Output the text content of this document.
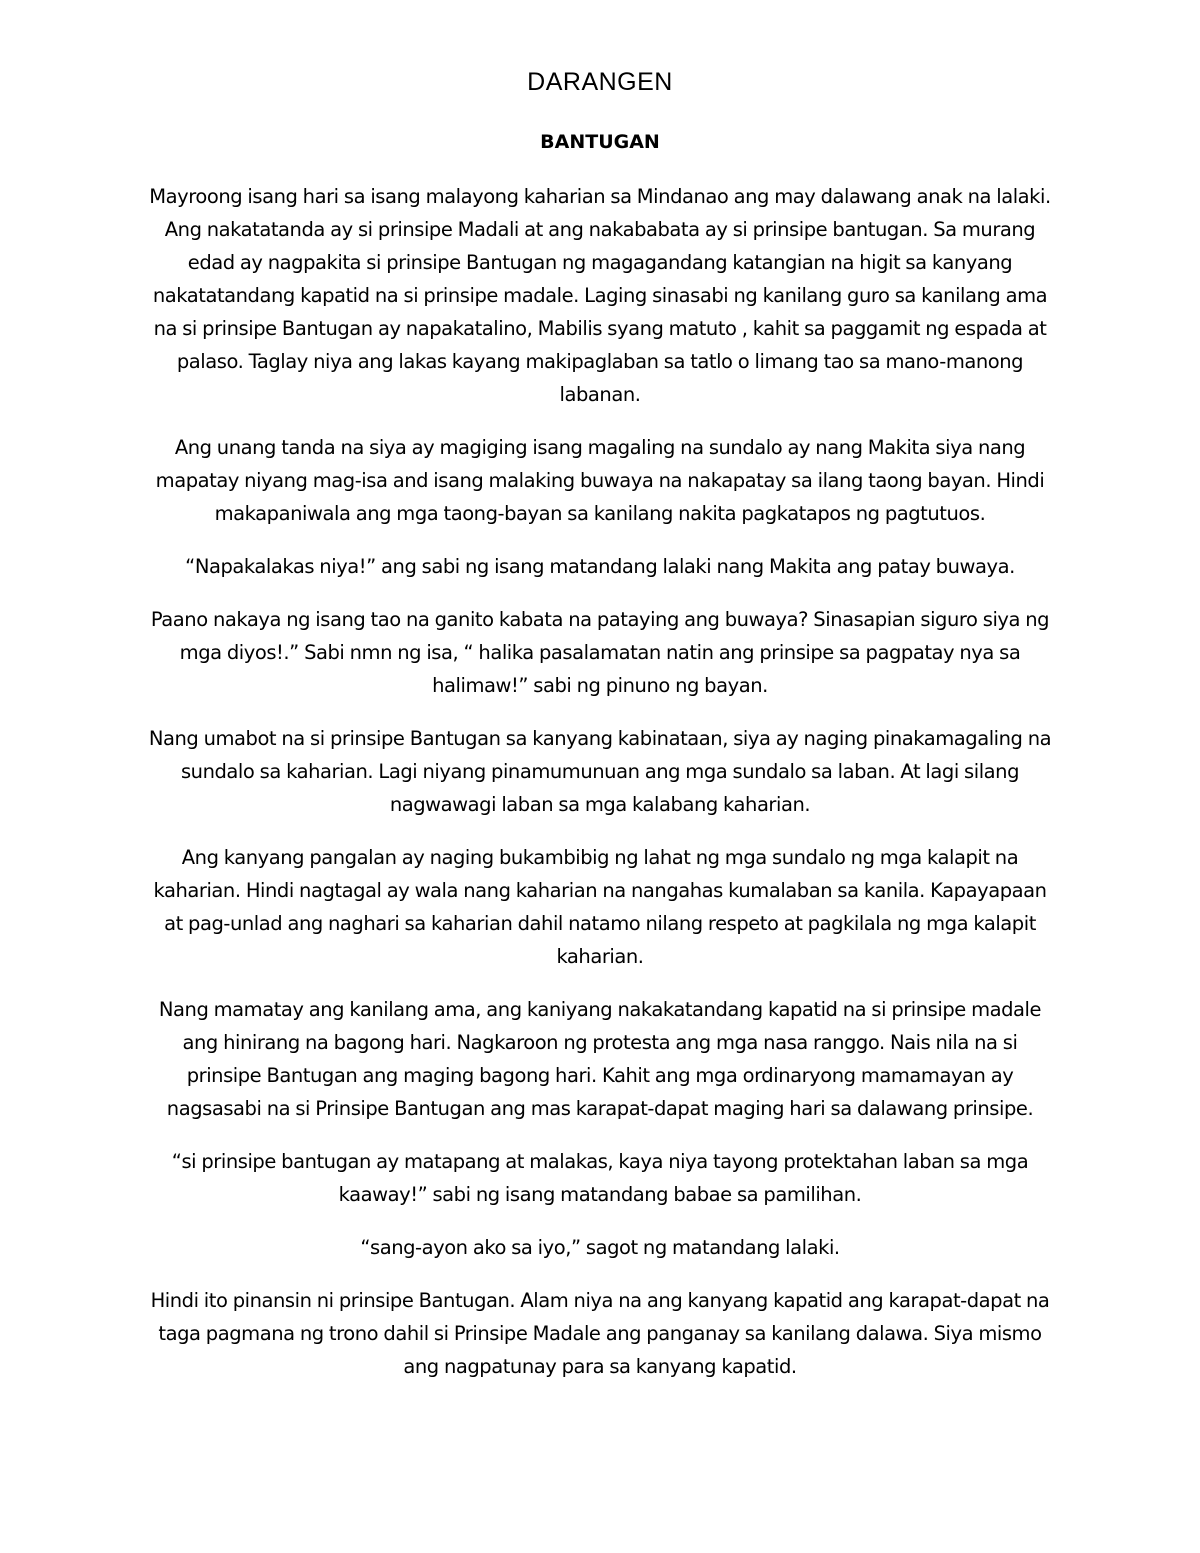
DARANGEN
BANTUGAN

Mayroong isang hari sa isang malayong kaharian sa Mindanao ang may dalawang anak na lalaki. Ang nakatatanda ay si prinsipe Madali at ang nakababata ay si prinsipe bantugan. Sa murang edad ay nagpakita si prinsipe Bantugan ng magagandang katangian na higit sa kanyang nakatatandang kapatid na si prinsipe madale. Laging sinasabi ng kanilang guro sa kanilang ama na si prinsipe Bantugan ay napakatalino, Mabilis syang matuto , kahit sa paggamit ng espada at palaso. Taglay niya ang lakas kayang makipaglaban sa tatlo o limang tao sa mano-manong labanan.

Ang unang tanda na siya ay magiging isang magaling na sundalo ay nang Makita siya nang mapatay niyang mag-isa and isang malaking buwaya na nakapatay sa ilang taong bayan. Hindi makapaniwala ang mga taong-bayan sa kanilang nakita pagkatapos ng pagtutuos.

“Napakalakas niya!” ang sabi ng isang matandang lalaki nang Makita ang patay buwaya.

Paano nakaya ng isang tao na ganito kabata na pataying ang buwaya? Sinasapian siguro siya ng mga diyos!.” Sabi nmn ng isa, “ halika pasalamatan natin ang prinsipe sa pagpatay nya sa halimaw!” sabi ng pinuno ng bayan.

Nang umabot na si prinsipe Bantugan sa kanyang kabinataan, siya ay naging pinakamagaling na sundalo sa kaharian. Lagi niyang pinamumunuan ang mga sundalo sa laban. At lagi silang nagwawagi laban sa mga kalabang kaharian.

Ang kanyang pangalan ay naging bukambibig ng lahat ng mga sundalo ng mga kalapit na kaharian. Hindi nagtagal ay wala nang kaharian na nangahas kumalaban sa kanila. Kapayapaan at pag-unlad ang naghari sa kaharian dahil natamo nilang respeto at pagkilala ng mga kalapit kaharian.

Nang mamatay ang kanilang ama, ang kaniyang nakakatandang kapatid na si prinsipe madale ang hinirang na bagong hari. Nagkaroon ng protesta ang mga nasa ranggo. Nais nila na si prinsipe Bantugan ang maging bagong hari. Kahit ang mga ordinaryong mamamayan ay nagsasabi na si Prinsipe Bantugan ang mas karapat-dapat maging hari sa dalawang prinsipe.

“si prinsipe bantugan ay matapang at malakas, kaya niya tayong protektahan laban sa mga kaaway!” sabi ng isang matandang babae sa pamilihan.

“sang-ayon ako sa iyo,” sagot ng matandang lalaki.

Hindi ito pinansin ni prinsipe Bantugan. Alam niya na ang kanyang kapatid ang karapat-dapat na taga pagmana ng trono dahil si Prinsipe Madale ang panganay sa kanilang dalawa. Siya mismo ang nagpatunay para sa kanyang kapatid.
